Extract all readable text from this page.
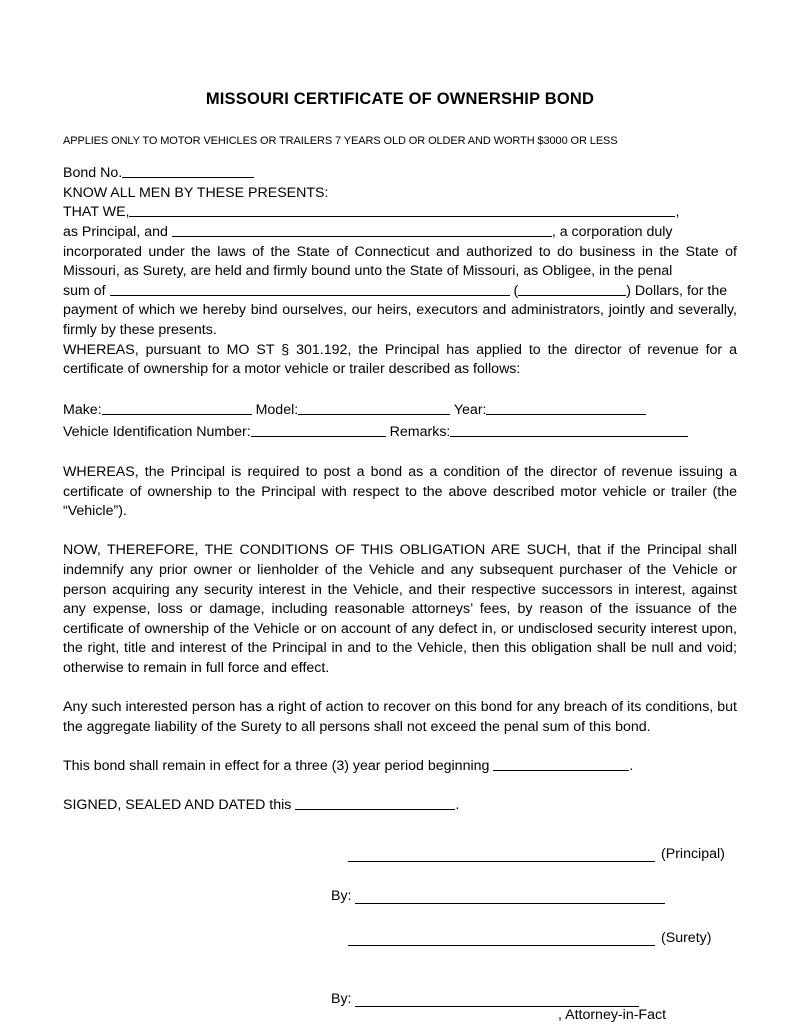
MISSOURI CERTIFICATE OF OWNERSHIP BOND
APPLIES ONLY TO MOTOR VEHICLES OR TRAILERS 7 YEARS OLD OR OLDER AND WORTH $3000 OR LESS

Bond No.

KNOW ALL MEN BY THESE PRESENTS:

THAT WE,	,

as Principal, and	, a corporation duly

incorporated under the laws of the State of Connecticut and authorized to do business in the State of Missouri, as Surety, are held and firmly bound unto the State of Missouri, as Obligee, in the penal

sum of	(	) Dollars, for the

payment of which we hereby bind ourselves, our heirs, executors and administrators, jointly and severally, firmly by these presents.

WHEREAS, pursuant to MO ST § 301.192, the Principal has applied to the director of revenue for a certificate of ownership for a motor vehicle or trailer described as follows:

Make:	Model:	Year:
Vehicle Identification Number:	Remarks:

WHEREAS, the Principal is required to post a bond as a condition of the director of revenue issuing a certificate of ownership to the Principal with respect to the above described motor vehicle or trailer (the “Vehicle”).

NOW, THEREFORE, THE CONDITIONS OF THIS OBLIGATION ARE SUCH, that if the Principal shall indemnify any prior owner or lienholder of the Vehicle and any subsequent purchaser of the Vehicle or person acquiring any security interest in the Vehicle, and their respective successors in interest, against any expense, loss or damage, including reasonable attorneys’ fees, by reason of the issuance of the certificate of ownership of the Vehicle or on account of any defect in, or undisclosed security interest upon, the right, title and interest of the Principal in and to the Vehicle, then this obligation shall be null and void; otherwise to remain in full force and effect.

Any such interested person has a right of action to recover on this bond for any breach of its conditions, but the aggregate liability of the Surety to all persons shall not exceed the penal sum of this bond.

This bond shall remain in effect for a three (3) year period beginning	.

SIGNED, SEALED AND DATED this	.

(Principal)
By:

(Surety)
By:

, Attorney-in-Fact
